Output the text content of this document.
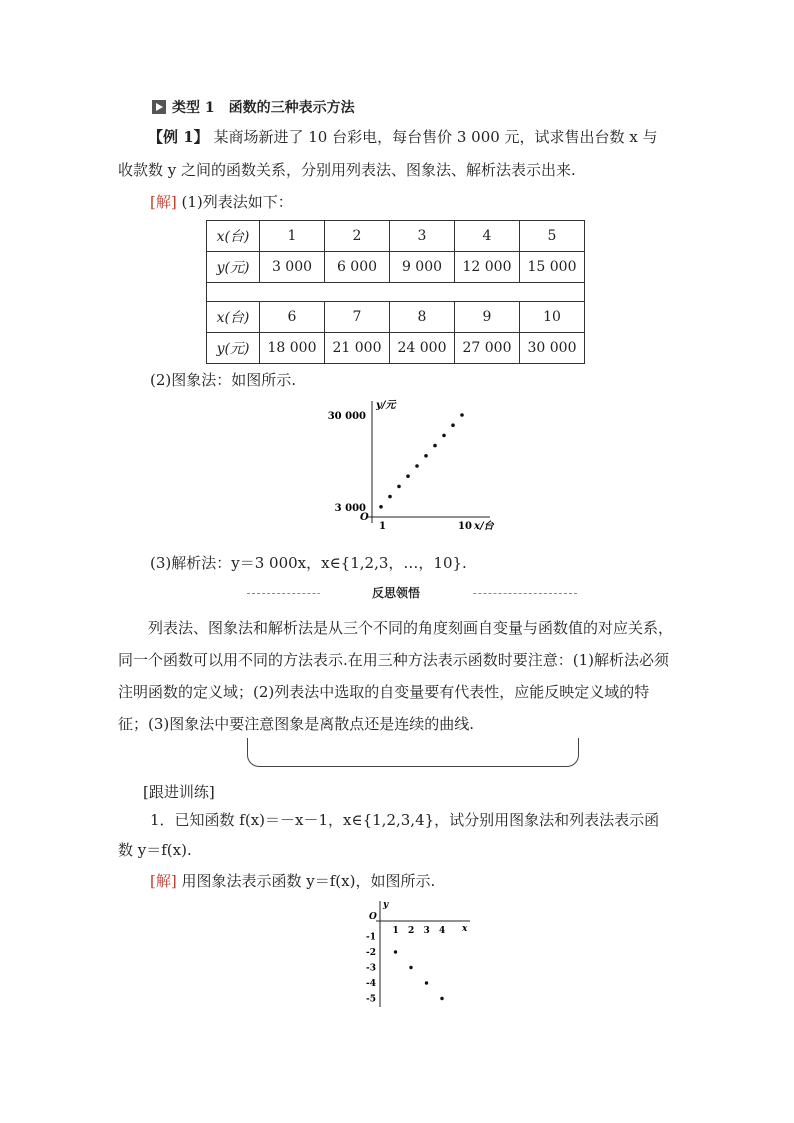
类型 1　函数的三种表示方法
【例 1】 某商场新进了 10 台彩电，每台售价 3 000 元，试求售出台数 x 与
收款数 y 之间的函数关系，分别用列表法、图象法、解析法表示出来.
[解] (1)列表法如下：
x(台)	1	2	3	4	5
y(元)	3 000	6 000	9 000	12 000	15 000

x(台)	6	7	8	9	10
y(元)	18 000	21 000	24 000	27 000	30 000
(2)图象法：如图所示.
y/元
x/台
O
1	10
3 000
30 000
(3)解析法：y＝3 000x，x∈{1,2,3，…，10}.
反思领悟
列表法、图象法和解析法是从三个不同的角度刻画自变量与函数值的对应关系，同一个函数可以用不同的方法表示.在用三种方法表示函数时要注意：(1)解析法必须注明函数的定义域；(2)列表法中选取的自变量要有代表性，应能反映定义域的特征；(3)图象法中要注意图象是离散点还是连续的曲线.
[跟进训练]
1．已知函数 f(x)＝－x－1，x∈{1,2,3,4}，试分别用图象法和列表法表示函
数 y＝f(x).
[解] 用图象法表示函数 y＝f(x)，如图所示.
y
x
O
1 2 3 4
-1
-2
-3
-4
-5
